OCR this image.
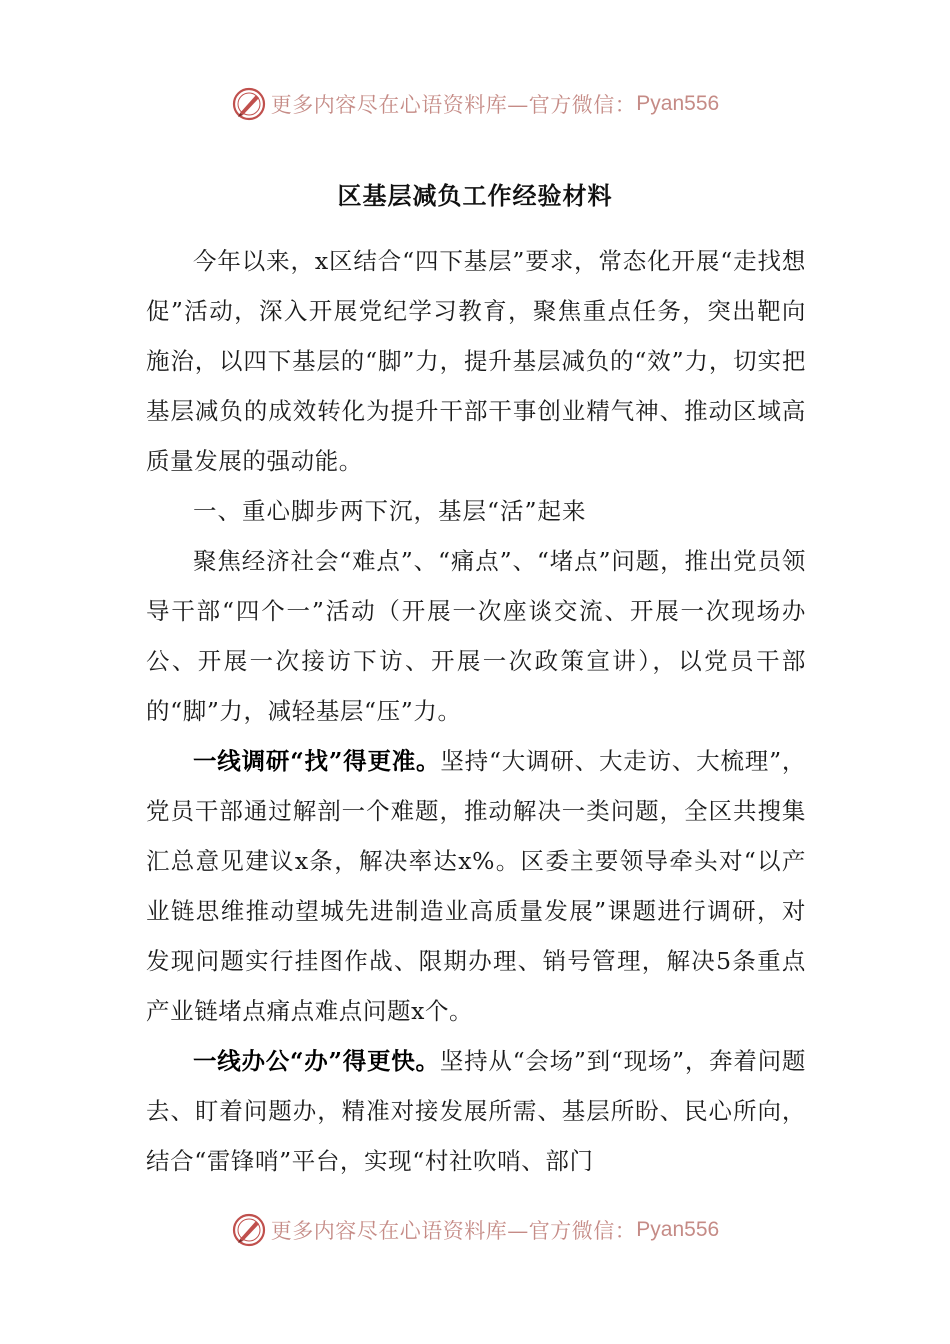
更多内容尽在心语资料库—官方微信： Pyan556
区基层减负工作经验材料

今年以来，x区结合“四下基层”要求，常态化开展“走找想促”活动，深入开展党纪学习教育，聚焦重点任务，突出靶向施治，以四下基层的“脚”力，提升基层减负的“效”力，切实把基层减负的成效转化为提升干部干事创业精气神、推动区域高质量发展的强动能。

一、重心脚步两下沉，基层“活”起来

聚焦经济社会“难点”、“痛点”、“堵点”问题，推出党员领导干部“四个一”活动（开展一次座谈交流、开展一次现场办公、开展一次接访下访、开展一次政策宣讲），以党员干部的“脚”力，减轻基层“压”力。

一线调研“找”得更准。坚持“大调研、大走访、大梳理”，党员干部通过解剖一个难题，推动解决一类问题，全区共搜集汇总意见建议x条，解决率达x%。区委主要领导牵头对“以产业链思维推动望城先进制造业高质量发展”课题进行调研，对发现问题实行挂图作战、限期办理、销号管理，解决5条重点产业链堵点痛点难点问题x个。

一线办公“办”得更快。坚持从“会场”到“现场”，奔着问题去、盯着问题办，精准对接发展所需、基层所盼、民心所向，结合“雷锋哨”平台，实现“村社吹哨、部门

更多内容尽在心语资料库—官方微信： Pyan556
